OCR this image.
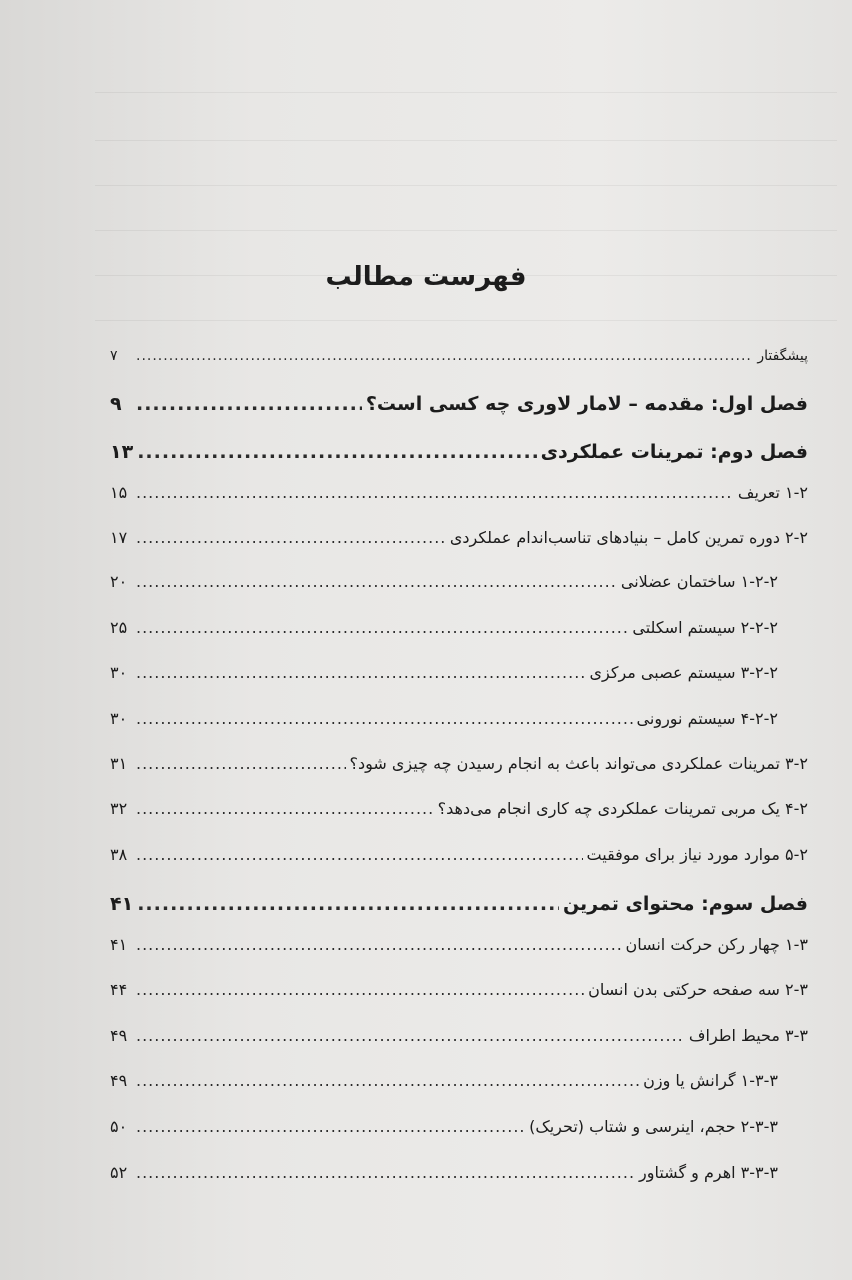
فهرست مطالب
پیشگفتار
.....
۷
فصل اول: مقدمه – لامار لاوری چه کسی است؟
.....
۹
فصل دوم: تمرینات عملکردی
.....
۱۳
۱-۲ تعریف
.....
۱۵
۲-۲ دوره تمرین کامل – بنیادهای تناسب‌اندام عملکردی
.....
۱۷
۱-۲-۲ ساختمان عضلانی
.....
۲۰
۲-۲-۲ سیستم اسکلتی
.....
۲۵
۳-۲-۲ سیستم عصبی مرکزی
.....
۳۰
۴-۲-۲ سیستم نورونی
.....
۳۰
۳-۲ تمرینات عملکردی می‌تواند باعث به انجام رسیدن چه چیزی شود؟
.....
۳۱
۴-۲ یک مربی تمرینات عملکردی چه کاری انجام می‌دهد؟
.....
۳۲
۵-۲ موارد مورد نیاز برای موفقیت
.....
۳۸
فصل سوم: محتوای تمرین
.....
۴۱
۱-۳ چهار رکن حرکت انسان
.....
۴۱
۲-۳ سه صفحه حرکتی بدن انسان
.....
۴۴
۳-۳ محیط اطراف
.....
۴۹
۱-۳-۳ گرانش یا وزن
.....
۴۹
۲-۳-۳ حجم، اینرسی و شتاب (تحریک)
.....
۵۰
۳-۳-۳ اهرم و گشتاور
.....
۵۲
